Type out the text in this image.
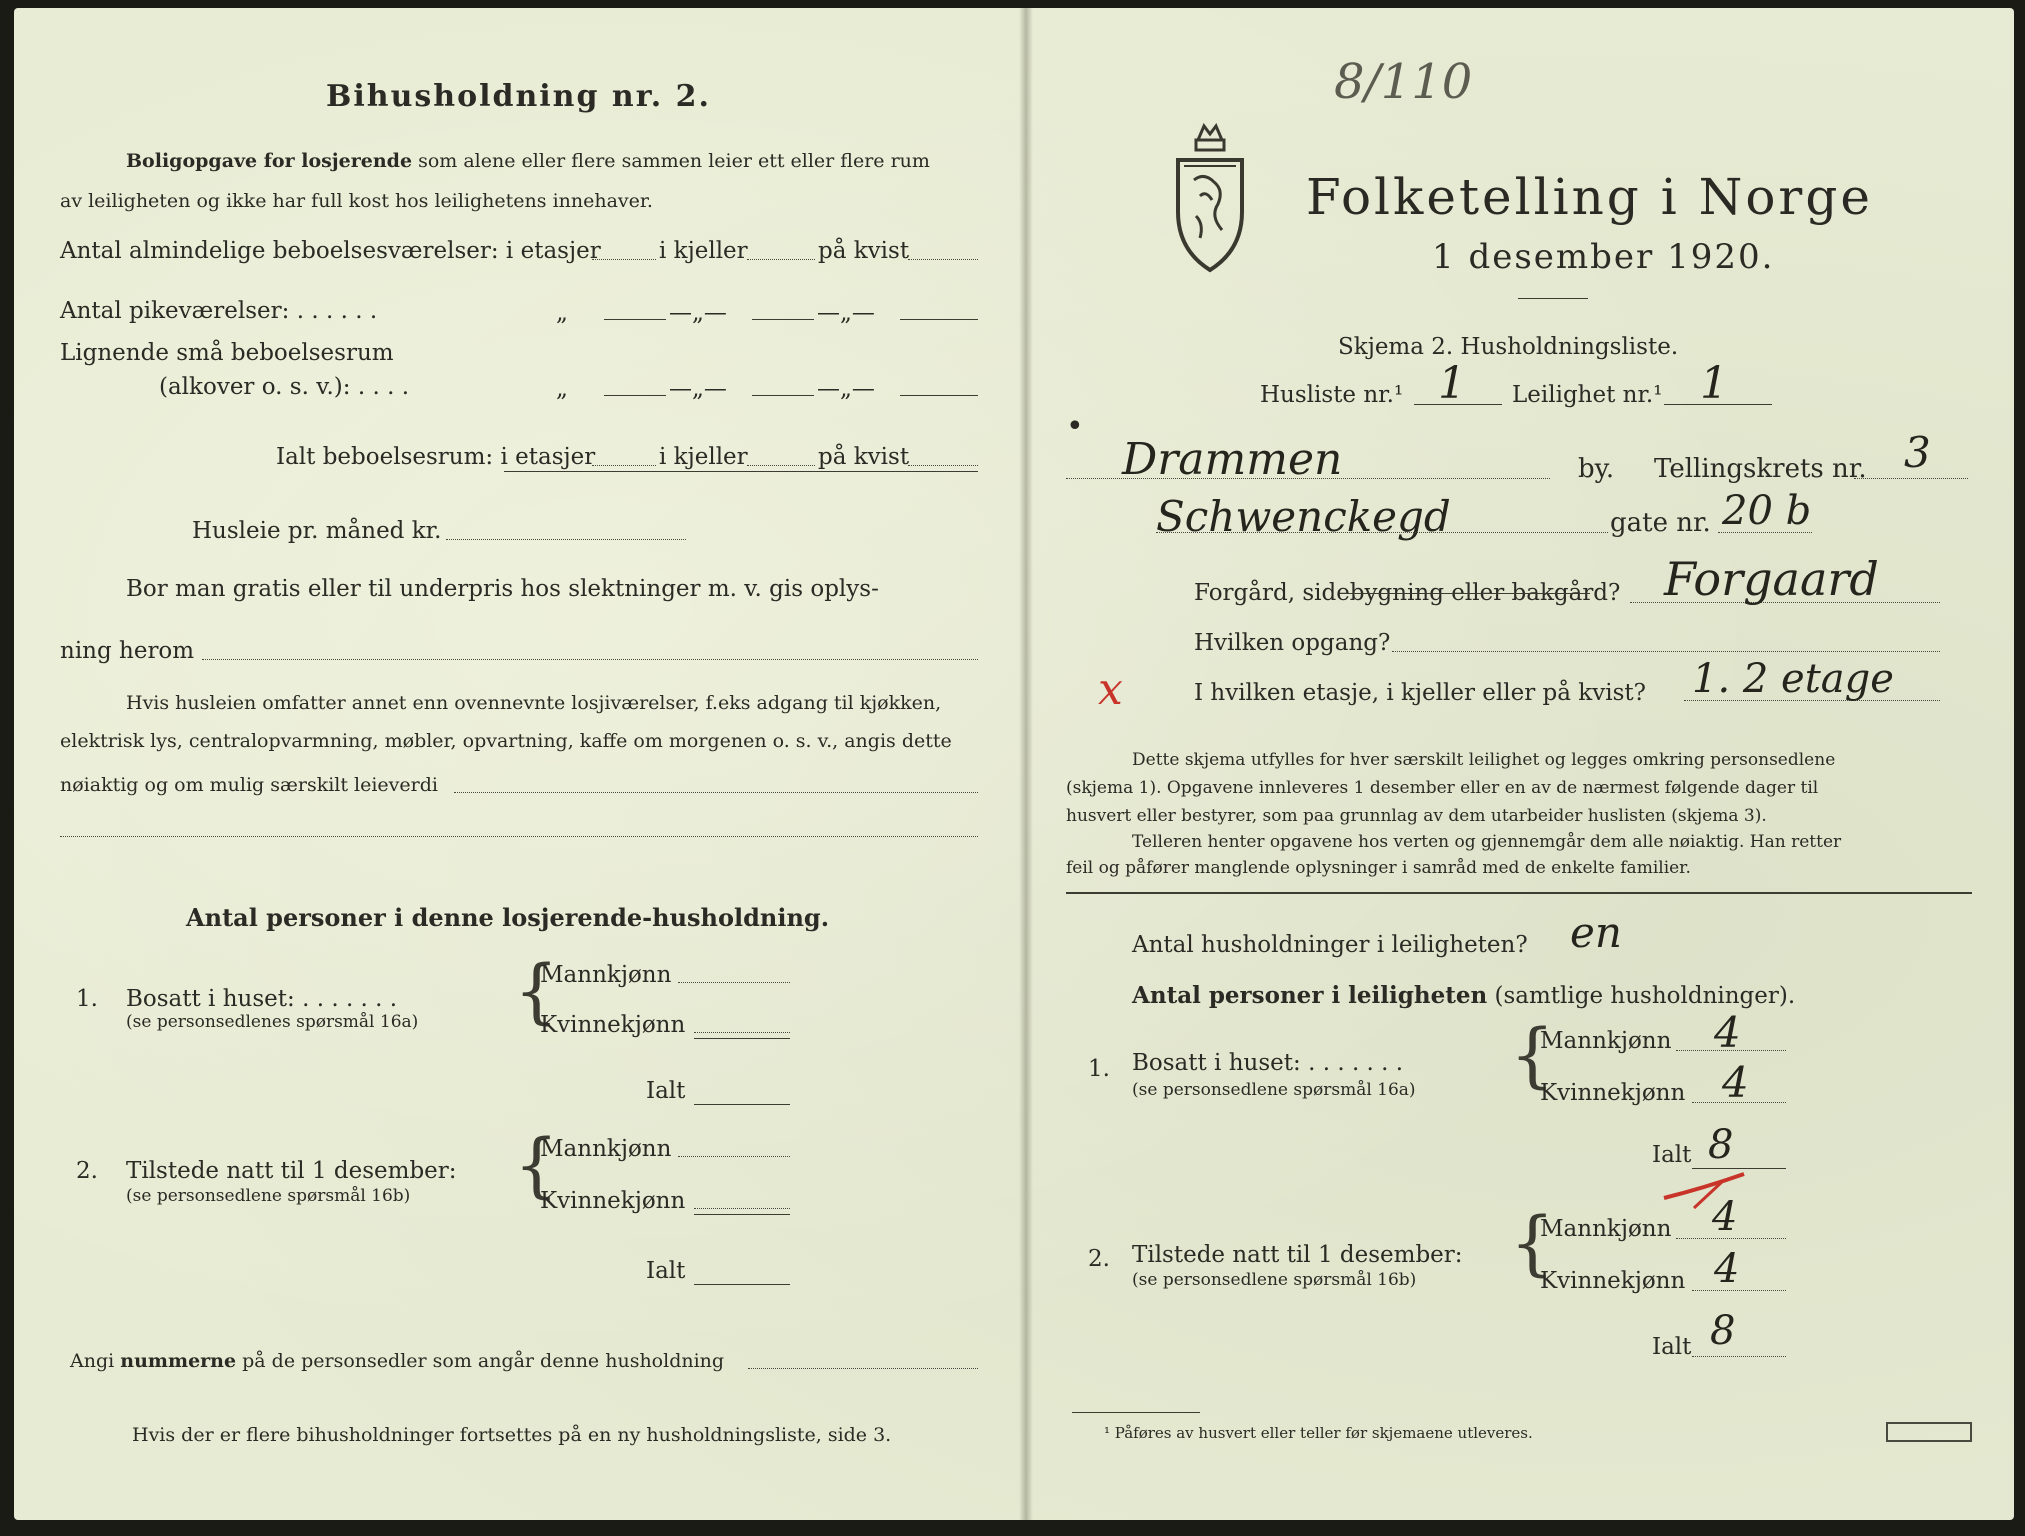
Bihusholdning nr. 2.
Boligopgave for losjerende som alene eller flere sammen leier ett eller flere rum
av leiligheten og ikke har full kost hos leilighetens innehaver.
Antal almindelige beboelsesværelser: i etasjer	i kjeller	på kvist
Antal pikeværelser: . . . . . .	„	—„—	—„—
Lignende små beboelsesrum
(alkover o. s. v.): . . . .	„	—„—	—„—
Ialt beboelsesrum: i etasjer	i kjeller	på kvist
Husleie pr. måned kr.
Bor man gratis eller til underpris hos slektninger m. v. gis oplys-
ning herom
Hvis husleien omfatter annet enn ovennevnte losjiværelser, f.eks adgang til kjøkken,
elektrisk lys, centralopvarmning, møbler, opvartning, kaffe om morgenen o. s. v., angis dette
nøiaktig og om mulig særskilt leieverdi
Antal personer i denne losjerende-husholdning.
1. Bosatt i huset: . . . . . . .
(se personsedlenes spørsmål 16a) {
Mannkjønn
Kvinnekjønn
Ialt
2. Tilstede natt til 1 desember:
(se personsedlene spørsmål 16b) {
Mannkjønn
Kvinnekjønn
Ialt
Angi nummerne på de personsedler som angår denne husholdning
Hvis der er flere bihusholdninger fortsettes på en ny husholdningsliste, side 3.
8/110
Folketelling i Norge
1 desember 1920.
Skjema 2. Husholdningsliste.
Husliste nr.¹ 1 Leilighet nr.¹ 1
•
Drammen	by. Tellingskrets nr. 3
Schwenckegd	gate nr. 20 b
Forgård, sidebygning eller bakgård? Forgaard
Hvilken opgang?
x	I hvilken etasje, i kjeller eller på kvist? 1. 2 etage
Dette skjema utfylles for hver særskilt leilighet og legges omkring personsedlene
(skjema 1). Opgavene innleveres 1 desember eller en av de nærmest følgende dager til
husvert eller bestyrer, som paa grunnlag av dem utarbeider huslisten (skjema 3).
Telleren henter opgavene hos verten og gjennemgår dem alle nøiaktig. Han retter
feil og påfører manglende oplysninger i samråd med de enkelte familier.
Antal husholdninger i leiligheten? en
Antal personer i leiligheten (samtlige husholdninger).
1. Bosatt i huset: . . . . . . .
(se personsedlene spørsmål 16a) {
Mannkjønn 4
Kvinnekjønn 4
Ialt 8
2. Tilstede natt til 1 desember:
(se personsedlene spørsmål 16b) {
Mannkjønn 4
Kvinnekjønn 4
Ialt 8
¹ Påføres av husvert eller teller før skjemaene utleveres.
